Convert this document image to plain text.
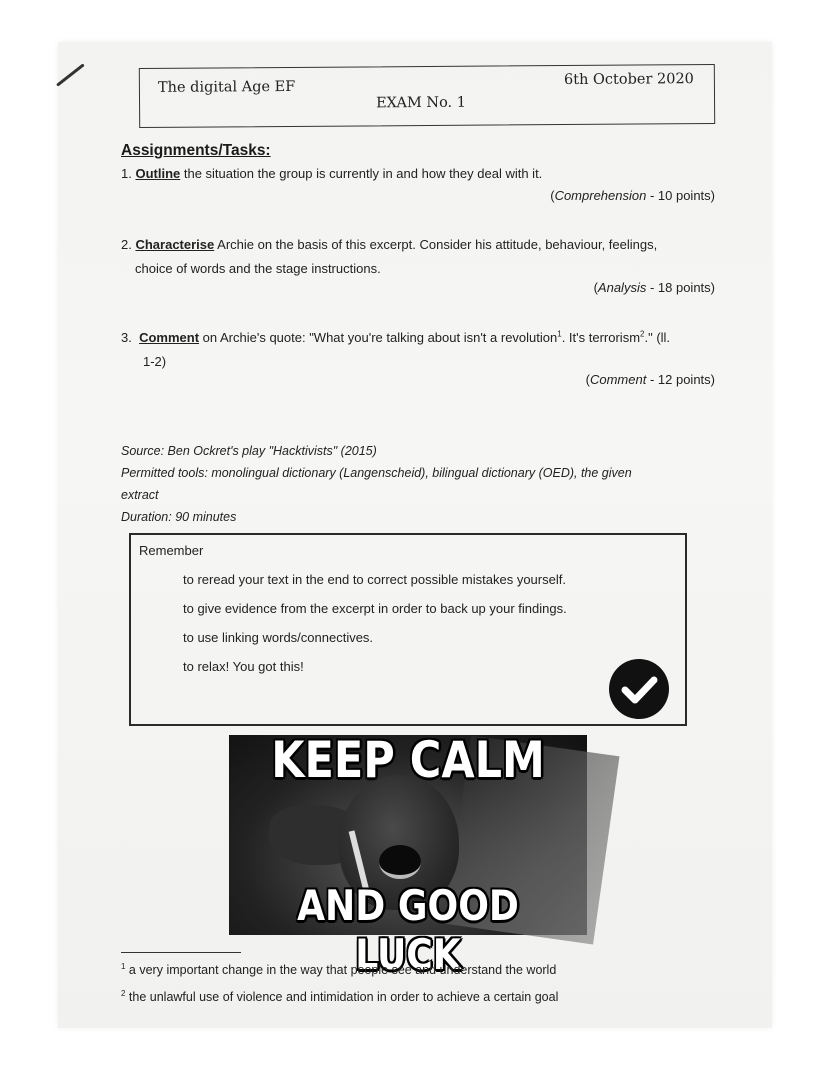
The digital Age EF	6th October 2020
EXAM No. 1
Assignments/Tasks:
1. Outline the situation the group is currently in and how they deal with it.
(Comprehension - 10 points)
2. Characterise Archie on the basis of this excerpt. Consider his attitude, behaviour, feelings,
choice of words and the stage instructions.
(Analysis - 18 points)
3. Comment on Archie's quote: "What you're talking about isn't a revolution$^1$. It's terrorism$^2$." (ll.
1-2)
(Comment - 12 points)
Source: Ben Ockret's play "Hacktivists" (2015)
Permitted tools: monolingual dictionary (Langenscheid), bilingual dictionary (OED), the given
extract
Duration: 90 minutes
Remember
to reread your text in the end to correct possible mistakes yourself.
to give evidence from the excerpt in order to back up your findings.
to use linking words/connectives.
to relax! You got this!
KEEP CALM
AND GOOD LUCK
$^1$ a very important change in the way that people see and understand the world
$^2$ the unlawful use of violence and intimidation in order to achieve a certain goal
